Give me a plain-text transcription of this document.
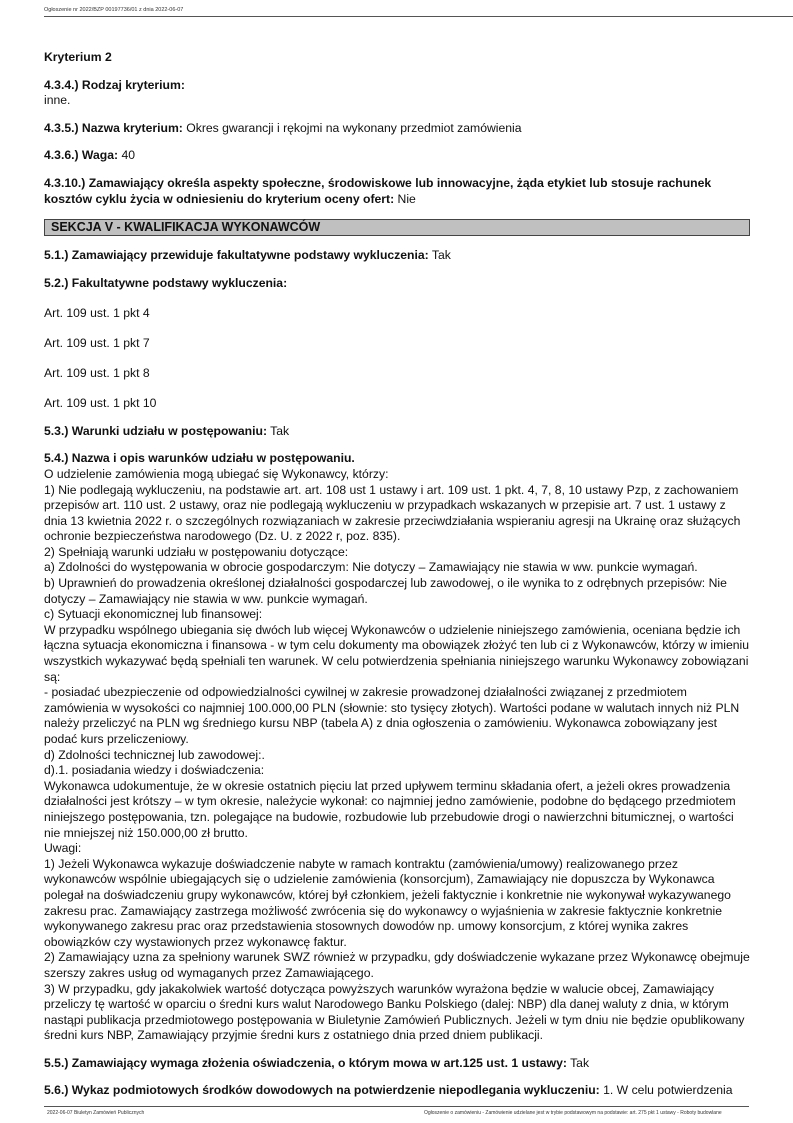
Ogłoszenie nr 2022/BZP 00197736/01 z dnia 2022-06-07

Kryterium 2

4.3.4.) Rodzaj kryterium:
inne.

4.3.5.) Nazwa kryterium: Okres gwarancji i rękojmi na wykonany przedmiot zamówienia

4.3.6.) Waga: 40

4.3.10.) Zamawiający określa aspekty społeczne, środowiskowe lub innowacyjne, żąda etykiet lub stosuje rachunek kosztów cyklu życia w odniesieniu do kryterium oceny ofert: Nie

SEKCJA V - KWALIFIKACJA WYKONAWCÓW

5.1.) Zamawiający przewiduje fakultatywne podstawy wykluczenia: Tak

5.2.) Fakultatywne podstawy wykluczenia:

Art. 109 ust. 1 pkt 4
Art. 109 ust. 1 pkt 7
Art. 109 ust. 1 pkt 8
Art. 109 ust. 1 pkt 10

5.3.) Warunki udziału w postępowaniu: Tak

5.4.) Nazwa i opis warunków udziału w postępowaniu.
O udzielenie zamówienia mogą ubiegać się Wykonawcy, którzy:
1) Nie podlegają wykluczeniu, na podstawie art. art. 108 ust 1 ustawy i art. 109 ust. 1 pkt. 4, 7, 8, 10 ustawy Pzp, z zachowaniem przepisów art. 110 ust. 2 ustawy, oraz nie podlegają wykluczeniu w przypadkach wskazanych w przepisie art. 7 ust. 1 ustawy z dnia 13 kwietnia 2022 r. o szczególnych rozwiązaniach w zakresie przeciwdziałania wspieraniu agresji na Ukrainę oraz służących ochronie bezpieczeństwa narodowego (Dz. U. z 2022 r, poz. 835).
2) Spełniają warunki udziału w postępowaniu dotyczące:
a) Zdolności do występowania w obrocie gospodarczym: Nie dotyczy – Zamawiający nie stawia w ww. punkcie wymagań.
b) Uprawnień do prowadzenia określonej działalności gospodarczej lub zawodowej, o ile wynika to z odrębnych przepisów: Nie dotyczy – Zamawiający nie stawia w ww. punkcie wymagań.
c) Sytuacji ekonomicznej lub finansowej:
W przypadku wspólnego ubiegania się dwóch lub więcej Wykonawców o udzielenie niniejszego zamówienia, oceniana będzie ich łączna sytuacja ekonomiczna i finansowa - w tym celu dokumenty ma obowiązek złożyć ten lub ci z Wykonawców, którzy w imieniu wszystkich wykazywać będą spełniali ten warunek. W celu potwierdzenia spełniania niniejszego warunku Wykonawcy zobowiązani są:
- posiadać ubezpieczenie od odpowiedzialności cywilnej w zakresie prowadzonej działalności związanej z przedmiotem zamówienia w wysokości co najmniej 100.000,00 PLN (słownie: sto tysięcy złotych). Wartości podane w walutach innych niż PLN należy przeliczyć na PLN wg średniego kursu NBP (tabela A) z dnia ogłoszenia o zamówieniu. Wykonawca zobowiązany jest podać kurs przeliczeniowy.
d) Zdolności technicznej lub zawodowej:.
d).1. posiadania wiedzy i doświadczenia:
Wykonawca udokumentuje, że w okresie ostatnich pięciu lat przed upływem terminu składania ofert, a jeżeli okres prowadzenia działalności jest krótszy – w tym okresie, należycie wykonał: co najmniej jedno zamówienie, podobne do będącego przedmiotem niniejszego postępowania, tzn. polegające na budowie, rozbudowie lub przebudowie drogi o nawierzchni bitumicznej, o wartości nie mniejszej niż 150.000,00 zł brutto.
Uwagi:
1) Jeżeli Wykonawca wykazuje doświadczenie nabyte w ramach kontraktu (zamówienia/umowy) realizowanego przez wykonawców wspólnie ubiegających się o udzielenie zamówienia (konsorcjum), Zamawiający nie dopuszcza by Wykonawca polegał na doświadczeniu grupy wykonawców, której był członkiem, jeżeli faktycznie i konkretnie nie wykonywał wykazywanego zakresu prac. Zamawiający zastrzega możliwość zwrócenia się do wykonawcy o wyjaśnienia w zakresie faktycznie konkretnie wykonywanego zakresu prac oraz przedstawienia stosownych dowodów np. umowy konsorcjum, z której wynika zakres obowiązków czy wystawionych przez wykonawcę faktur.
2) Zamawiający uzna za spełniony warunek SWZ również w przypadku, gdy doświadczenie wykazane przez Wykonawcę obejmuje szerszy zakres usług od wymaganych przez Zamawiającego.
3) W przypadku, gdy jakakolwiek wartość dotycząca powyższych warunków wyrażona będzie w walucie obcej, Zamawiający przeliczy tę wartość w oparciu o średni kurs walut Narodowego Banku Polskiego (dalej: NBP) dla danej waluty z dnia, w którym nastąpi publikacja przedmiotowego postępowania w Biuletynie Zamówień Publicznych. Jeżeli w tym dniu nie będzie opublikowany średni kurs NBP, Zamawiający przyjmie średni kurs z ostatniego dnia przed dniem publikacji.

5.5.) Zamawiający wymaga złożenia oświadczenia, o którym mowa w art.125 ust. 1 ustawy: Tak

5.6.) Wykaz podmiotowych środków dowodowych na potwierdzenie niepodlegania wykluczeniu: 1. W celu potwierdzenia

2022-06-07 Biuletyn Zamówień Publicznych	Ogłoszenie o zamówieniu - Zamówienie udzielane jest w trybie podstawowym na podstawie: art. 275 pkt 1 ustawy - Roboty budowlane
